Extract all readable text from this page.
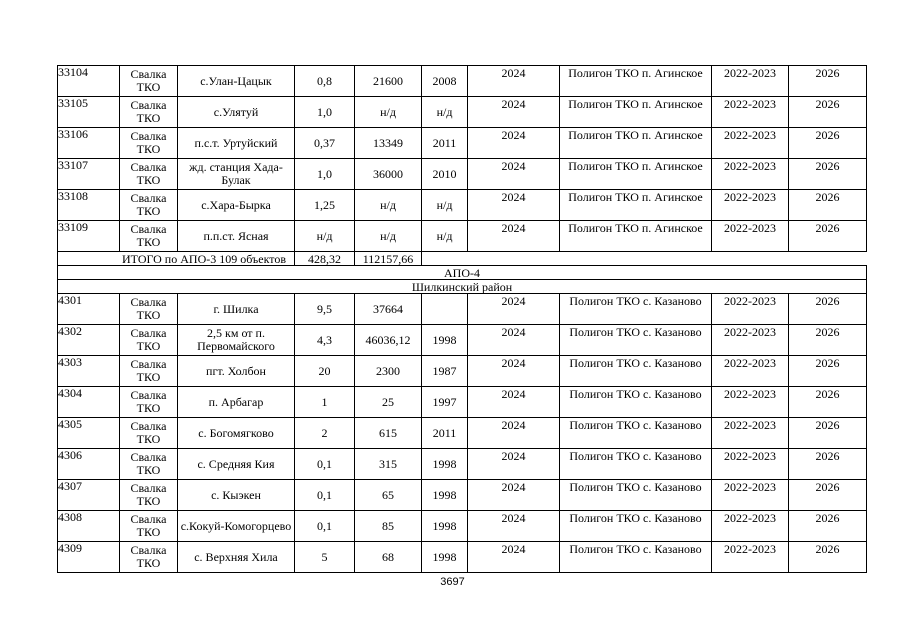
33104	Свалка ТКО	с.Улан-Цацык	0,8	21600	2008	2024	Полигон ТКО п. Агинское	2022-2023	2026
33105	Свалка ТКО	с.Улятуй	1,0	н/д	н/д	2024	Полигон ТКО п. Агинское	2022-2023	2026
33106	Свалка ТКО	п.с.т. Уртуйский	0,37	13349	2011	2024	Полигон ТКО п. Агинское	2022-2023	2026
33107	Свалка ТКО	жд. станция Хада-Булак	1,0	36000	2010	2024	Полигон ТКО п. Агинское	2022-2023	2026
33108	Свалка ТКО	с.Хара-Бырка	1,25	н/д	н/д	2024	Полигон ТКО п. Агинское	2022-2023	2026
33109	Свалка ТКО	п.п.ст. Ясная	н/д	н/д	н/д	2024	Полигон ТКО п. Агинское	2022-2023	2026
ИТОГО по АПО-3 109 объектов			428,32	112157,66					
АПО-4									
Шилкинский район									
4301	Свалка ТКО	г. Шилка	9,5	37664		2024	Полигон ТКО с. Казаново	2022-2023	2026
4302	Свалка ТКО	2,5 км от п. Первомайского	4,3	46036,12	1998	2024	Полигон ТКО с. Казаново	2022-2023	2026
4303	Свалка ТКО	пгт. Холбон	20	2300	1987	2024	Полигон ТКО с. Казаново	2022-2023	2026
4304	Свалка ТКО	п. Арбагар	1	25	1997	2024	Полигон ТКО с. Казаново	2022-2023	2026
4305	Свалка ТКО	с. Богомягково	2	615	2011	2024	Полигон ТКО с. Казаново	2022-2023	2026
4306	Свалка ТКО	с. Средняя Кия	0,1	315	1998	2024	Полигон ТКО с. Казаново	2022-2023	2026
4307	Свалка ТКО	с. Кыэкен	0,1	65	1998	2024	Полигон ТКО с. Казаново	2022-2023	2026
4308	Свалка ТКО	с.Кокуй-Комогорцево	0,1	85	1998	2024	Полигон ТКО с. Казаново	2022-2023	2026
4309	Свалка ТКО	с. Верхняя Хила	5	68	1998	2024	Полигон ТКО с. Казаново	2022-2023	2026
3697
